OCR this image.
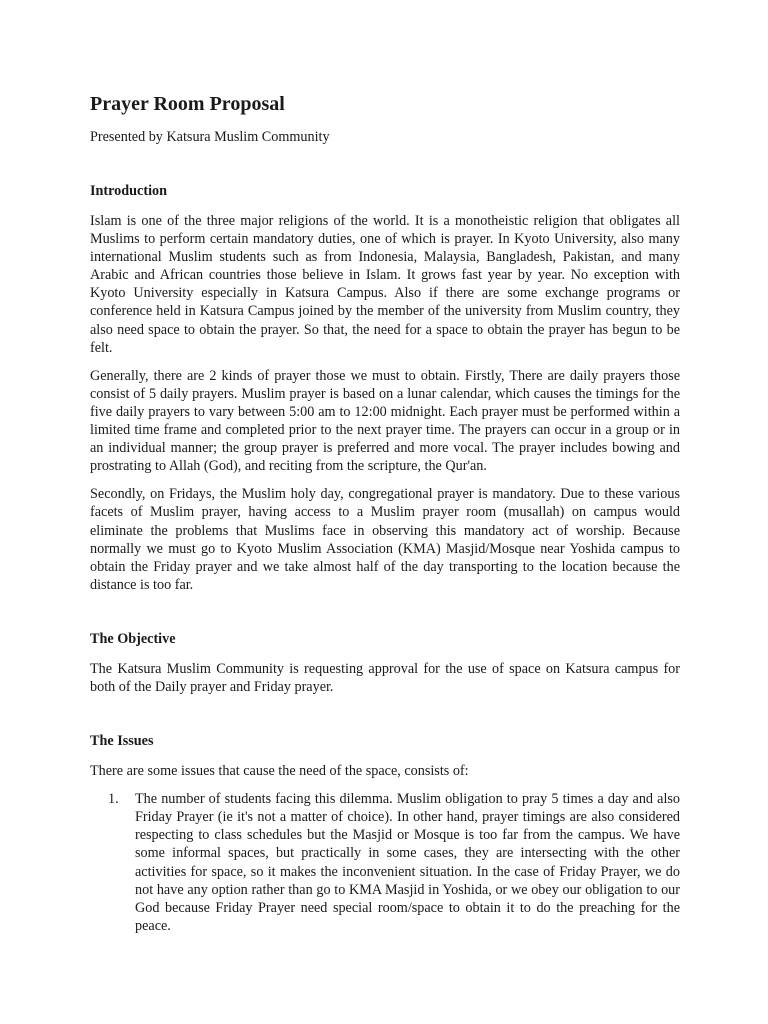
Prayer Room Proposal

Presented by Katsura Muslim Community

Introduction

Islam is one of the three major religions of the world. It is a monotheistic religion that obligates all Muslims to perform certain mandatory duties, one of which is prayer. In Kyoto University, also many international Muslim students such as from Indonesia, Malaysia, Bangladesh, Pakistan, and many Arabic and African countries those believe in Islam. It grows fast year by year. No exception with Kyoto University especially in Katsura Campus. Also if there are some exchange programs or conference held in Katsura Campus joined by the member of the university from Muslim country, they also need space to obtain the prayer. So that, the need for a space to obtain the prayer has begun to be felt.

Generally, there are 2 kinds of prayer those we must to obtain. Firstly, There are daily prayers those consist of 5 daily prayers. Muslim prayer is based on a lunar calendar, which causes the timings for the five daily prayers to vary between 5:00 am to 12:00 midnight. Each prayer must be performed within a limited time frame and completed prior to the next prayer time. The prayers can occur in a group or in an individual manner; the group prayer is preferred and more vocal. The prayer includes bowing and prostrating to Allah (God), and reciting from the scripture, the Qur'an.

Secondly, on Fridays, the Muslim holy day, congregational prayer is mandatory. Due to these various facets of Muslim prayer, having access to a Muslim prayer room (musallah) on campus would eliminate the problems that Muslims face in observing this mandatory act of worship. Because normally we must go to Kyoto Muslim Association (KMA) Masjid/Mosque near Yoshida campus to obtain the Friday prayer and we take almost half of the day transporting to the location because the distance is too far.

The Objective

The Katsura Muslim Community is requesting approval for the use of space on Katsura campus for both of the Daily prayer and Friday prayer.

The Issues

There are some issues that cause the need of the space, consists of:

1.	The number of students facing this dilemma. Muslim obligation to pray 5 times a day and also Friday Prayer (ie it's not a matter of choice). In other hand, prayer timings are also considered respecting to class schedules but the Masjid or Mosque is too far from the campus. We have some informal spaces, but practically in some cases, they are intersecting with the other activities for space, so it makes the inconvenient situation. In the case of Friday Prayer, we do not have any option rather than go to KMA Masjid in Yoshida, or we obey our obligation to our God because Friday Prayer need special room/space to obtain it to do the preaching for the peace.
